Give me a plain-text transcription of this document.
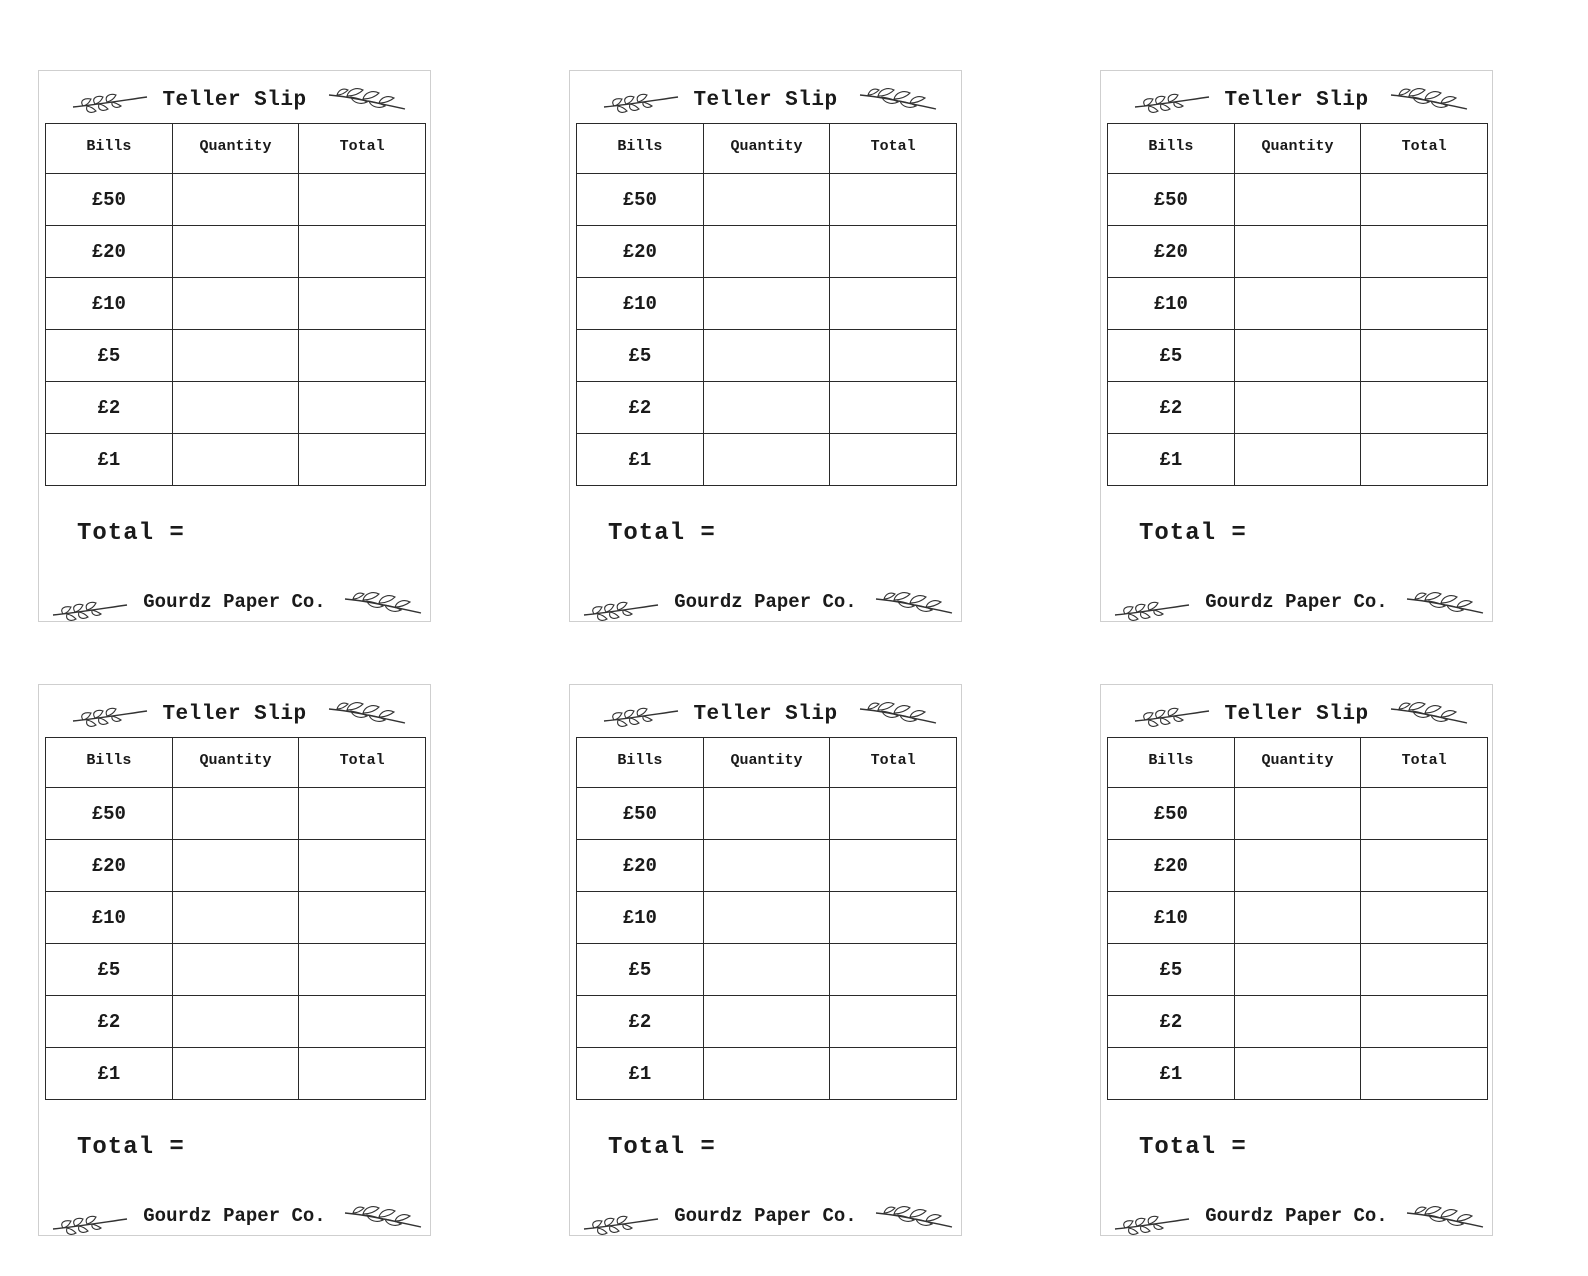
Teller Slip
Bills	Quantity	Total
£50		
£20		
£10		
£5		
£2		
£1		
Total =
Gourdz Paper Co.
Teller Slip
Bills	Quantity	Total
£50		
£20		
£10		
£5		
£2		
£1		
Total =
Gourdz Paper Co.
Teller Slip
Bills	Quantity	Total
£50		
£20		
£10		
£5		
£2		
£1		
Total =
Gourdz Paper Co.
Teller Slip
Bills	Quantity	Total
£50		
£20		
£10		
£5		
£2		
£1		
Total =
Gourdz Paper Co.
Teller Slip
Bills	Quantity	Total
£50		
£20		
£10		
£5		
£2		
£1		
Total =
Gourdz Paper Co.
Teller Slip
Bills	Quantity	Total
£50		
£20		
£10		
£5		
£2		
£1		
Total =
Gourdz Paper Co.
